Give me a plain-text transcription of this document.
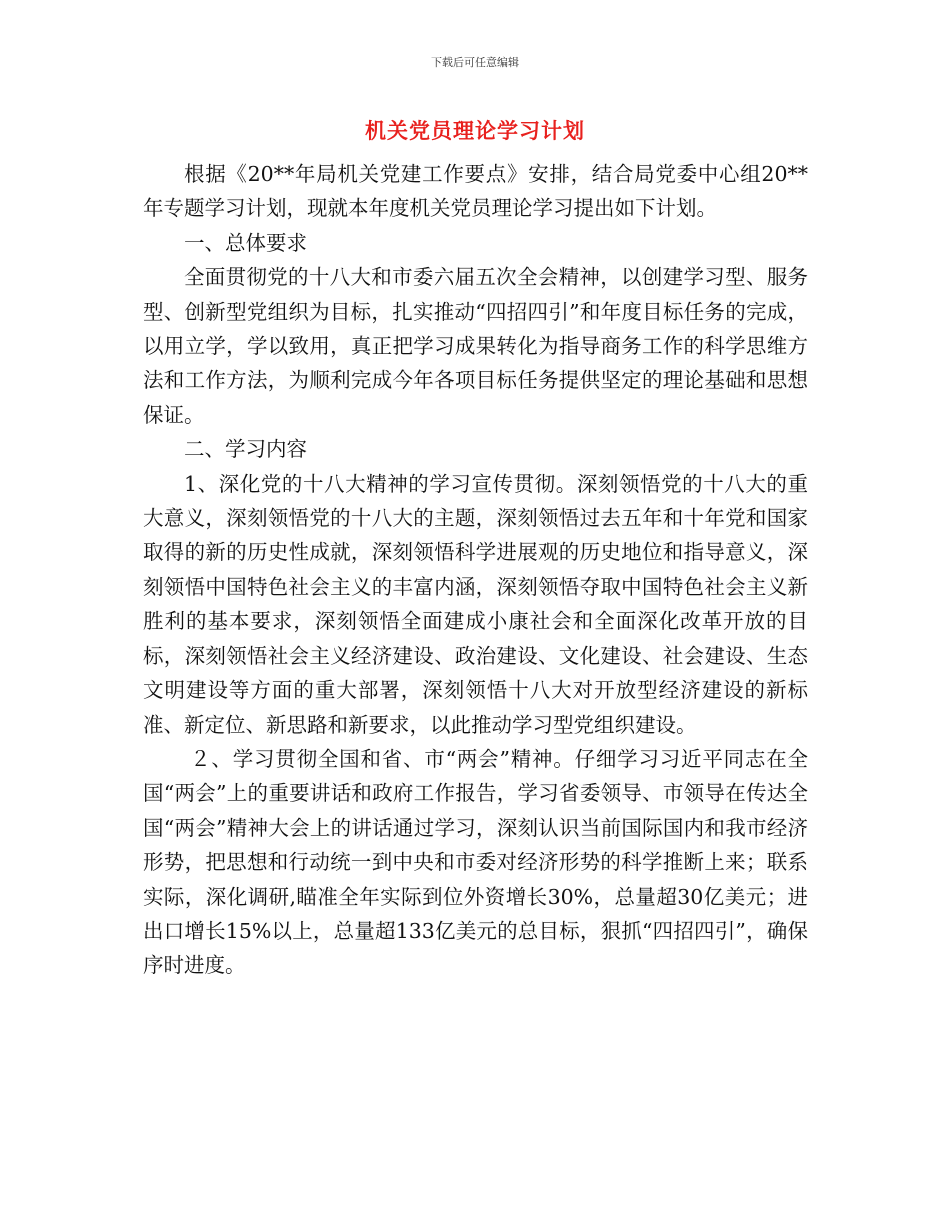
下载后可任意编辑
机关党员理论学习计划

根据《20**年局机关党建工作要点》安排，结合局党委中心组20**年专题学习计划，现就本年度机关党员理论学习提出如下计划。

一、总体要求

全面贯彻党的十八大和市委六届五次全会精神，以创建学习型、服务型、创新型党组织为目标，扎实推动“四招四引”和年度目标任务的完成，以用立学，学以致用，真正把学习成果转化为指导商务工作的科学思维方法和工作方法，为顺利完成今年各项目标任务提供坚定的理论基础和思想保证。

二、学习内容

1、深化党的十八大精神的学习宣传贯彻。深刻领悟党的十八大的重大意义，深刻领悟党的十八大的主题，深刻领悟过去五年和十年党和国家取得的新的历史性成就，深刻领悟科学进展观的历史地位和指导意义，深刻领悟中国特色社会主义的丰富内涵，深刻领悟夺取中国特色社会主义新胜利的基本要求，深刻领悟全面建成小康社会和全面深化改革开放的目标，深刻领悟社会主义经济建设、政治建设、文化建设、社会建设、生态文明建设等方面的重大部署，深刻领悟十八大对开放型经济建设的新标准、新定位、新思路和新要求，以此推动学习型党组织建设。

２、学习贯彻全国和省、市“两会”精神。仔细学习习近平同志在全国“两会”上的重要讲话和政府工作报告，学习省委领导、市领导在传达全国“两会”精神大会上的讲话通过学习，深刻认识当前国际国内和我市经济形势，把思想和行动统一到中央和市委对经济形势的科学推断上来；联系实际，深化调研,瞄准全年实际到位外资增长30%，总量超30亿美元；进出口增长15%以上，总量超133亿美元的总目标，狠抓“四招四引”，确保序时进度。
